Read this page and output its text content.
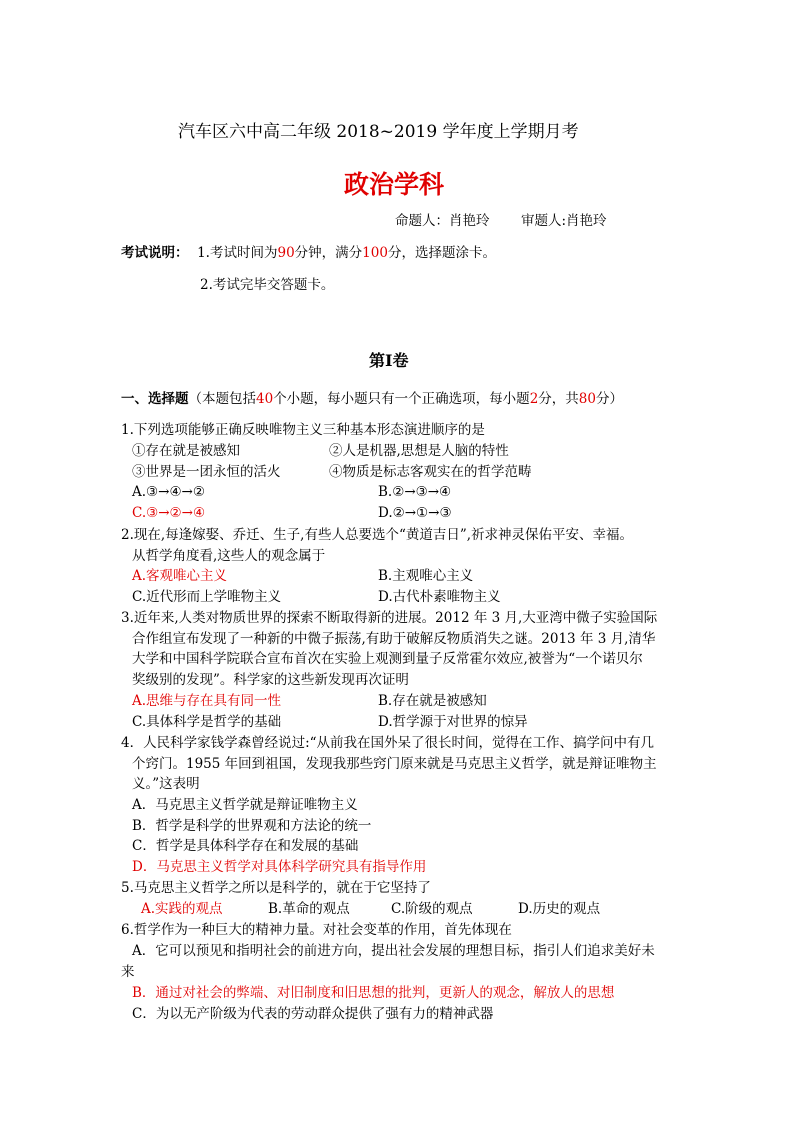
汽车区六中高二年级 2018~2019 学年度上学期月考
政治学科
命题人：肖艳玲 审题人:肖艳玲
考试说明： 1.考试时间为90分钟，满分100分，选择题涂卡。
2.考试完毕交答题卡。
第Ⅰ卷
一、选择题（本题包括40个小题，每小题只有一个正确选项，每小题2分，共80分）
1.下列选项能够正确反映唯物主义三种基本形态演进顺序的是
①存在就是被感知	②人是机器,思想是人脑的特性
③世界是一团永恒的活火	④物质是标志客观实在的哲学范畴
A.③→④→②	B.②→③→④
C.③→②→④	D.②→①→③
2.现在,每逢嫁娶、乔迁、生子,有些人总要选个“黄道吉日”,祈求神灵保佑平安、幸福。
从哲学角度看,这些人的观念属于
A.客观唯心主义	B.主观唯心主义
C.近代形而上学唯物主义	D.古代朴素唯物主义
3.近年来,人类对物质世界的探索不断取得新的进展。2012 年 3 月,大亚湾中微子实验国际
合作组宣布发现了一种新的中微子振荡,有助于破解反物质消失之谜。2013 年 3 月,清华
大学和中国科学院联合宣布首次在实验上观测到量子反常霍尔效应,被誉为“一个诺贝尔
奖级别的发现”。科学家的这些新发现再次证明
A.思维与存在具有同一性	B.存在就是被感知
C.具体科学是哲学的基础	D.哲学源于对世界的惊异
4．人民科学家钱学森曾经说过:“从前我在国外呆了很长时间，觉得在工作、搞学问中有几
个窍门。1955 年回到祖国，发现我那些窍门原来就是马克思主义哲学，就是辩证唯物主
义。”这表明
A．马克思主义哲学就是辩证唯物主义
B．哲学是科学的世界观和方法论的统一
C．哲学是具体科学存在和发展的基础
D．马克思主义哲学对具体科学研究具有指导作用
5.马克思主义哲学之所以是科学的，就在于它坚持了
A.实践的观点	B.革命的观点	C.阶级的观点	D.历史的观点
6.哲学作为一种巨大的精神力量。对社会变革的作用，首先体现在
A．它可以预见和指明社会的前进方向，提出社会发展的理想目标，指引人们追求美好未
来
B．通过对社会的弊端、对旧制度和旧思想的批判，更新人的观念，解放人的思想
C．为以无产阶级为代表的劳动群众提供了强有力的精神武器
